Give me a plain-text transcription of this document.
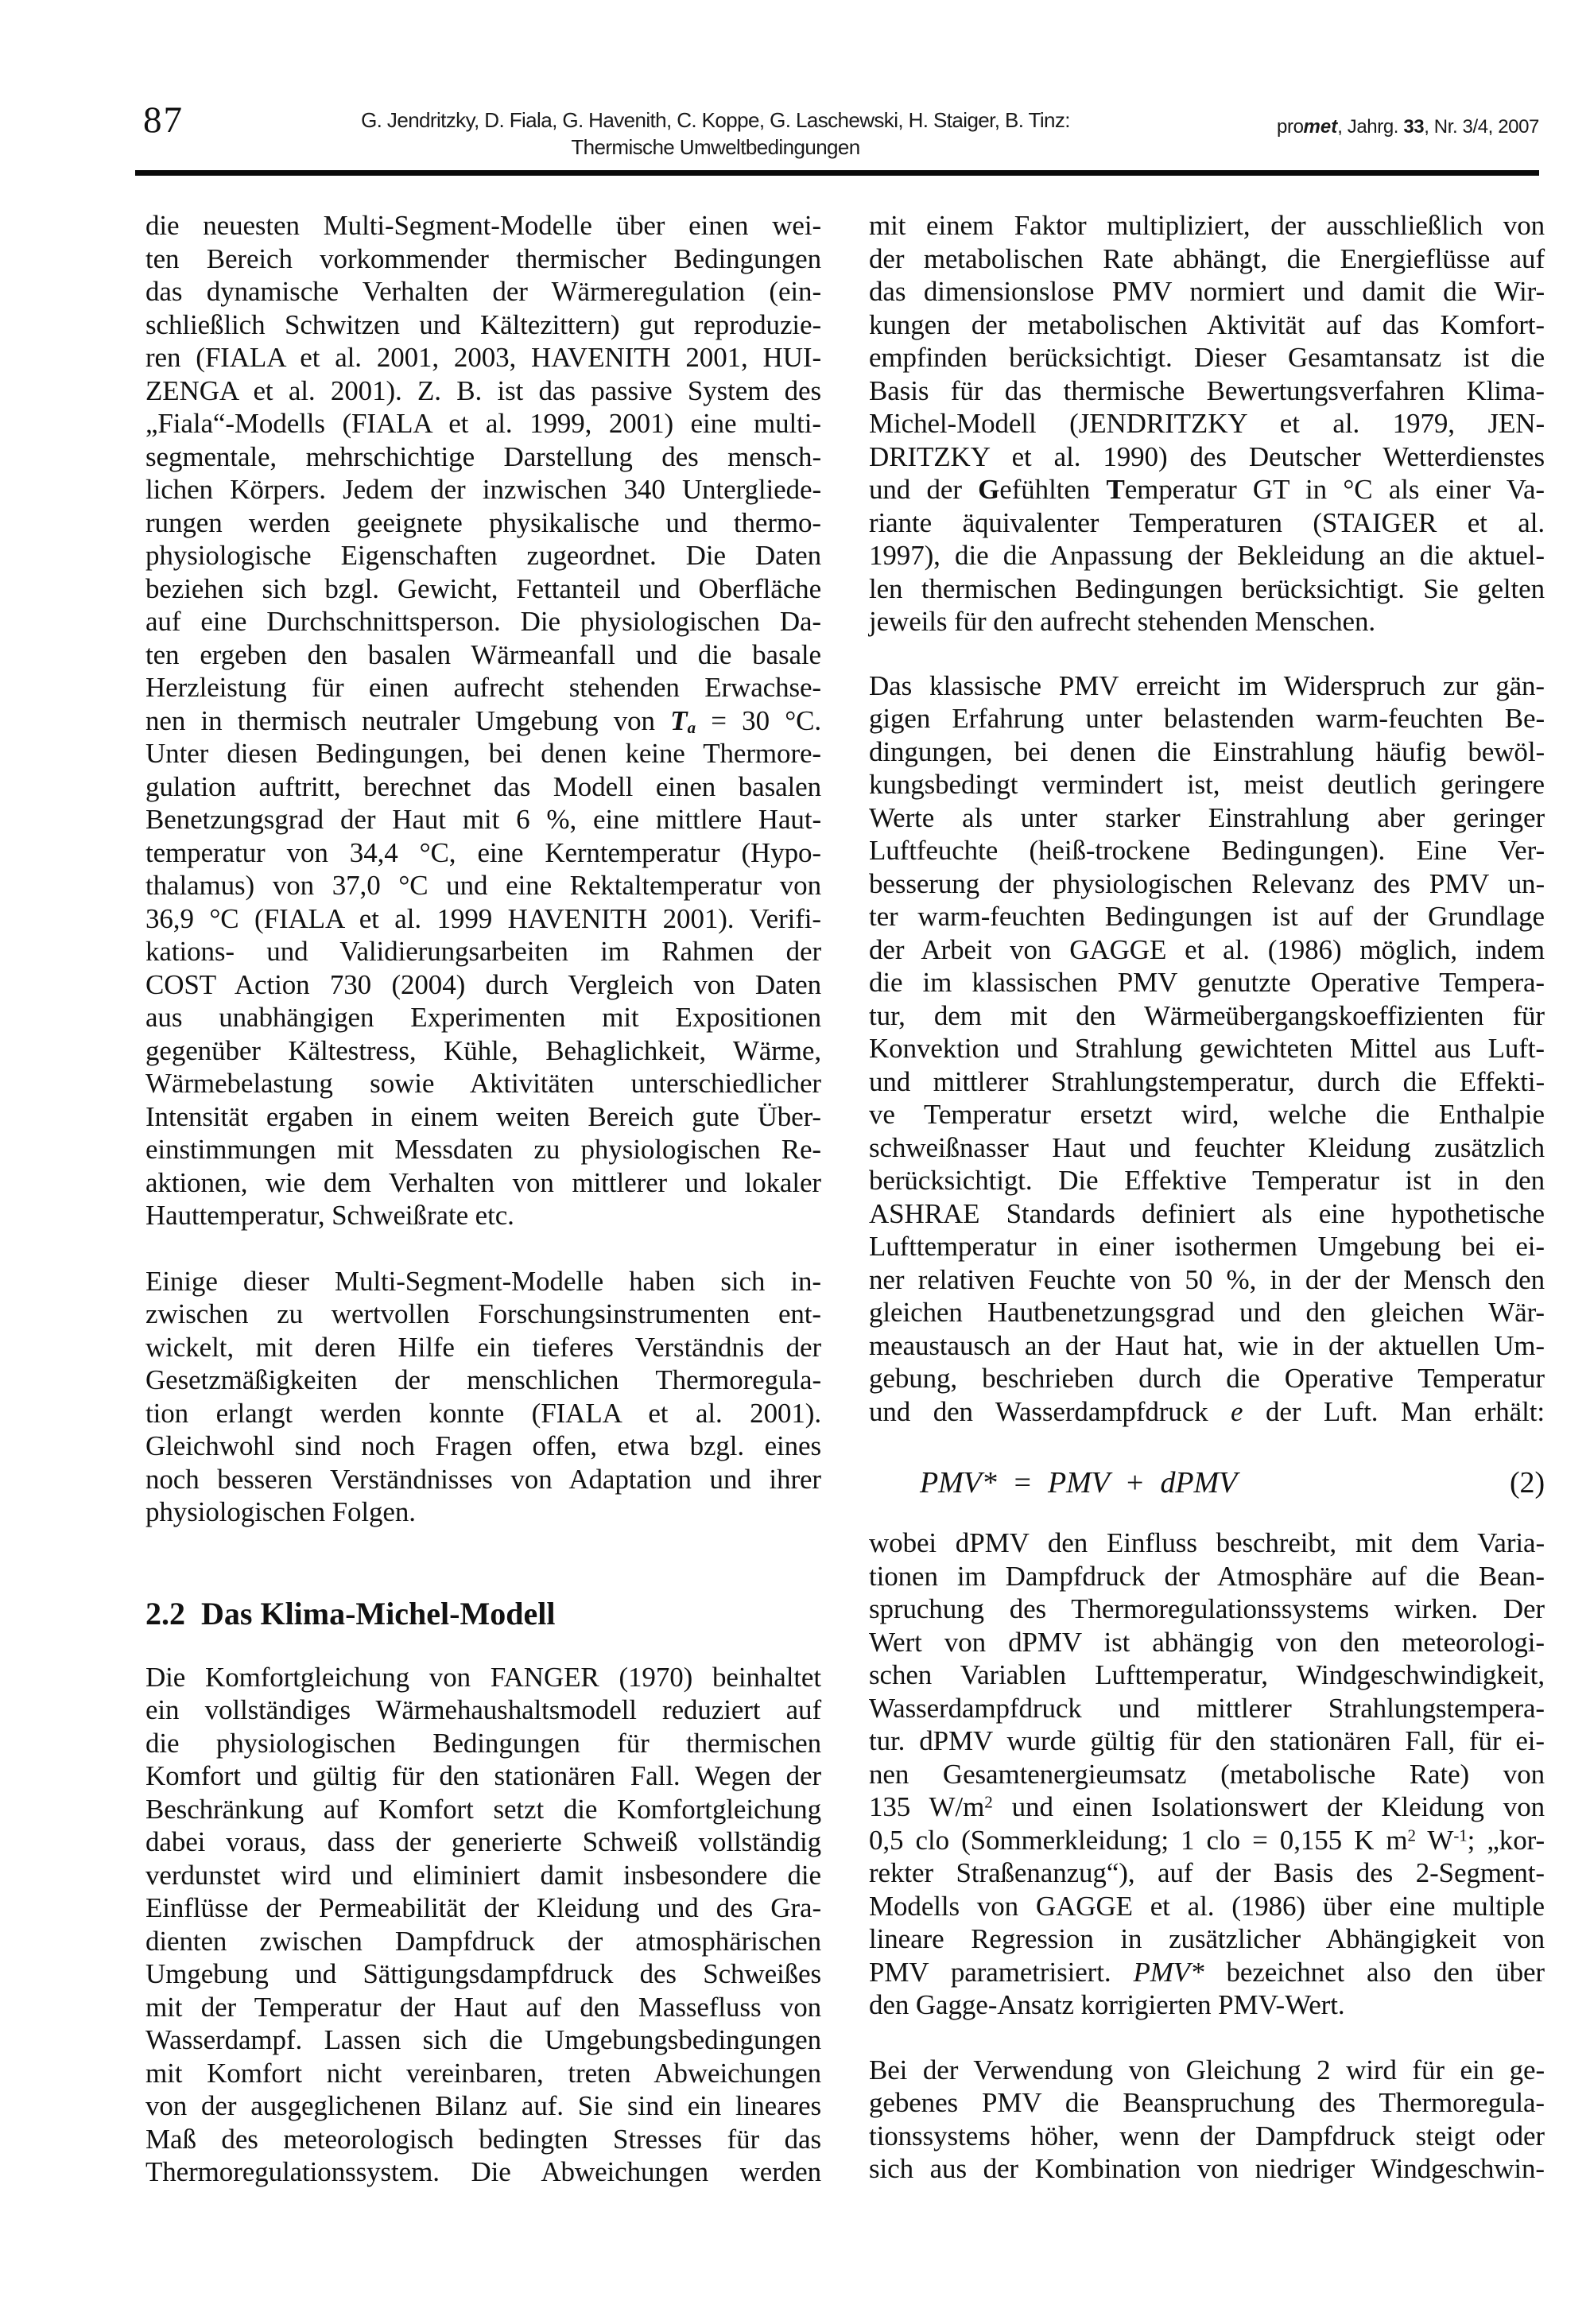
87	G. Jendritzky, D. Fiala, G. Havenith, C. Koppe, G. Laschewski, H. Staiger, B. Tinz:
Thermische Umweltbedingungen
promet, Jahrg. 33, Nr. 3/4, 2007
die neuesten Multi-Segment-Modelle über einen wei-
ten Bereich vorkommender thermischer Bedingungen
das dynamische Verhalten der Wärmeregulation (ein-
schließlich Schwitzen und Kältezittern) gut reproduzie-
ren (FIALA et al. 2001, 2003, HAVENITH 2001, HUI-
ZENGA et al. 2001). Z. B. ist das passive System des
„Fiala“-Modells (FIALA et al. 1999, 2001) eine multi-
segmentale, mehrschichtige Darstellung des mensch-
lichen Körpers. Jedem der inzwischen 340 Untergliede-
rungen werden geeignete physikalische und thermo-
physiologische Eigenschaften zugeordnet. Die Daten
beziehen sich bzgl. Gewicht, Fettanteil und Oberfläche
auf eine Durchschnittsperson. Die physiologischen Da-
ten ergeben den basalen Wärmeanfall und die basale
Herzleistung für einen aufrecht stehenden Erwachse-
nen in thermisch neutraler Umgebung von $T_a = 30$ °C.
Unter diesen Bedingungen, bei denen keine Thermore-
gulation auftritt, berechnet das Modell einen basalen
Benetzungsgrad der Haut mit 6 %, eine mittlere Haut-
temperatur von 34,4 °C, eine Kerntemperatur (Hypo-
thalamus) von 37,0 °C und eine Rektaltemperatur von
36,9 °C (FIALA et al. 1999 HAVENITH 2001). Verifi-
kations- und Validierungsarbeiten im Rahmen der
COST Action 730 (2004) durch Vergleich von Daten
aus unabhängigen Experimenten mit Expositionen
gegenüber Kältestress, Kühle, Behaglichkeit, Wärme,
Wärmebelastung sowie Aktivitäten unterschiedlicher
Intensität ergaben in einem weiten Bereich gute Über-
einstimmungen mit Messdaten zu physiologischen Re-
aktionen, wie dem Verhalten von mittlerer und lokaler
Hauttemperatur, Schweißrate etc.
Einige dieser Multi-Segment-Modelle haben sich in-
zwischen zu wertvollen Forschungsinstrumenten ent-
wickelt, mit deren Hilfe ein tieferes Verständnis der
Gesetzmäßigkeiten der menschlichen Thermoregula-
tion erlangt werden konnte (FIALA et al. 2001).
Gleichwohl sind noch Fragen offen, etwa bzgl. eines
noch besseren Verständnisses von Adaptation und ihrer
physiologischen Folgen.
2.2 Das Klima-Michel-Modell
Die Komfortgleichung von FANGER (1970) beinhaltet
ein vollständiges Wärmehaushaltsmodell reduziert auf
die physiologischen Bedingungen für thermischen
Komfort und gültig für den stationären Fall. Wegen der
Beschränkung auf Komfort setzt die Komfortgleichung
dabei voraus, dass der generierte Schweiß vollständig
verdunstet wird und eliminiert damit insbesondere die
Einflüsse der Permeabilität der Kleidung und des Gra-
dienten zwischen Dampfdruck der atmosphärischen
Umgebung und Sättigungsdampfdruck des Schweißes
mit der Temperatur der Haut auf den Massefluss von
Wasserdampf. Lassen sich die Umgebungsbedingungen
mit Komfort nicht vereinbaren, treten Abweichungen
von der ausgeglichenen Bilanz auf. Sie sind ein lineares
Maß des meteorologisch bedingten Stresses für das
Thermoregulationssystem. Die Abweichungen werden
mit einem Faktor multipliziert, der ausschließlich von
der metabolischen Rate abhängt, die Energieflüsse auf
das dimensionslose PMV normiert und damit die Wir-
kungen der metabolischen Aktivität auf das Komfort-
empfinden berücksichtigt. Dieser Gesamtansatz ist die
Basis für das thermische Bewertungsverfahren Klima-
Michel-Modell (JENDRITZKY et al. 1979, JEN-
DRITZKY et al. 1990) des Deutscher Wetterdienstes
und der Gefühlten Temperatur GT in °C als einer Va-
riante äquivalenter Temperaturen (STAIGER et al.
1997), die die Anpassung der Bekleidung an die aktuel-
len thermischen Bedingungen berücksichtigt. Sie gelten
jeweils für den aufrecht stehenden Menschen.
Das klassische PMV erreicht im Widerspruch zur gän-
gigen Erfahrung unter belastenden warm-feuchten Be-
dingungen, bei denen die Einstrahlung häufig bewöl-
kungsbedingt vermindert ist, meist deutlich geringere
Werte als unter starker Einstrahlung aber geringer
Luftfeuchte (heiß-trockene Bedingungen). Eine Ver-
besserung der physiologischen Relevanz des PMV un-
ter warm-feuchten Bedingungen ist auf der Grundlage
der Arbeit von GAGGE et al. (1986) möglich, indem
die im klassischen PMV genutzte Operative Tempera-
tur, dem mit den Wärmeübergangskoeffizienten für
Konvektion und Strahlung gewichteten Mittel aus Luft-
und mittlerer Strahlungstemperatur, durch die Effekti-
ve Temperatur ersetzt wird, welche die Enthalpie
schweißnasser Haut und feuchter Kleidung zusätzlich
berücksichtigt. Die Effektive Temperatur ist in den
ASHRAE Standards definiert als eine hypothetische
Lufttemperatur in einer isothermen Umgebung bei ei-
ner relativen Feuchte von 50 %, in der der Mensch den
gleichen Hautbenetzungsgrad und den gleichen Wär-
meaustausch an der Haut hat, wie in der aktuellen Um-
gebung, beschrieben durch die Operative Temperatur
und den Wasserdampfdruck e der Luft. Man erhält:
PMV* = PMV + dPMV	(2)
wobei dPMV den Einfluss beschreibt, mit dem Varia-
tionen im Dampfdruck der Atmosphäre auf die Bean-
spruchung des Thermoregulationssystems wirken. Der
Wert von dPMV ist abhängig von den meteorologi-
schen Variablen Lufttemperatur, Windgeschwindigkeit,
Wasserdampfdruck und mittlerer Strahlungstempera-
tur. dPMV wurde gültig für den stationären Fall, für ei-
nen Gesamtenergieumsatz (metabolische Rate) von
135 $W/m^2$ und einen Isolationswert der Kleidung von
0,5 clo (Sommerkleidung; 1 clo = 0,155 K $m^2$ $W^{-1}$; „kor-
rekter Straßenanzug“), auf der Basis des 2-Segment-
Modells von GAGGE et al. (1986) über eine multiple
lineare Regression in zusätzlicher Abhängigkeit von
PMV parametrisiert. PMV* bezeichnet also den über
den Gagge-Ansatz korrigierten PMV-Wert.
Bei der Verwendung von Gleichung 2 wird für ein ge-
gebenes PMV die Beanspruchung des Thermoregula-
tionssystems höher, wenn der Dampfdruck steigt oder
sich aus der Kombination von niedriger Windgeschwin-
